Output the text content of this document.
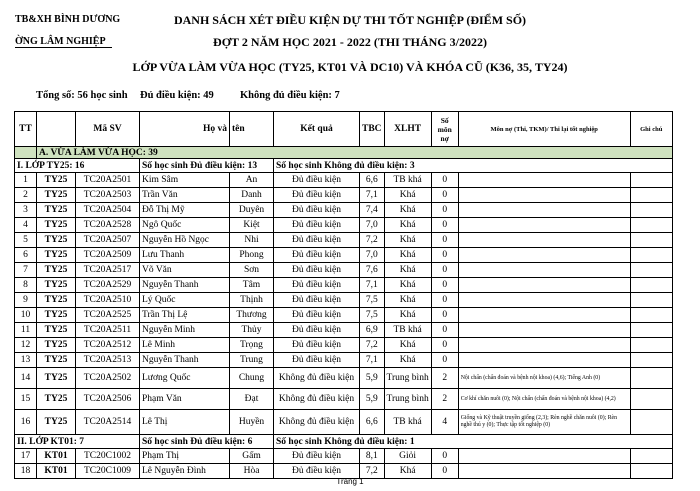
TB&XH BÌNH DƯƠNG
ỜNG LÂM NGHIỆP
DANH SÁCH XÉT ĐIỀU KIỆN DỰ THI TỐT NGHIỆP (ĐIỂM SỐ)
ĐỢT 2 NĂM HỌC 2021 - 2022 (THI THÁNG 3/2022)
LỚP VỪA LÀM VỪA HỌC (TY25, KT01 VÀ DC10) VÀ KHÓA CŨ (K36, 35, TY24)
Tổng số: 56 học sinh Đủ điều kiện: 49 Không đủ điều kiện: 7
TT		Mã SV	Họ và	tên	Kết quả	TBC	XLHT	Số môn nợ	Môn nợ (Thi, TKM)/ Thi lại tốt nghiệp	Ghi chú
	A. VỪA LÀM VỪA HỌC: 39									
I. LỚP TY25: 16			Số học sinh Đủ điều kiện: 13		Số học sinh Không đủ điều kiện: 3					
1	TY25	TC20A2501	Kim Sâm	An	Đủ điều kiện	6,6	TB khá	0		
2	TY25	TC20A2503	Trần Văn	Danh	Đủ điều kiện	7,1	Khá	0		
3	TY25	TC20A2504	Đỗ Thị Mỹ	Duyên	Đủ điều kiện	7,4	Khá	0		
4	TY25	TC20A2528	Ngô Quốc	Kiệt	Đủ điều kiện	7,0	Khá	0		
5	TY25	TC20A2507	Nguyễn Hồ Ngọc	Nhi	Đủ điều kiện	7,2	Khá	0		
6	TY25	TC20A2509	Lưu Thanh	Phong	Đủ điều kiện	7,0	Khá	0		
7	TY25	TC20A2517	Võ Văn	Sơn	Đủ điều kiện	7,6	Khá	0		
8	TY25	TC20A2529	Nguyễn Thanh	Tâm	Đủ điều kiện	7,1	Khá	0		
9	TY25	TC20A2510	Lý Quốc	Thịnh	Đủ điều kiện	7,5	Khá	0		
10	TY25	TC20A2525	Trần Thị Lệ	Thương	Đủ điều kiện	7,5	Khá	0		
11	TY25	TC20A2511	Nguyễn Minh	Thủy	Đủ điều kiện	6,9	TB khá	0		
12	TY25	TC20A2512	Lê Minh	Trọng	Đủ điều kiện	7,2	Khá	0		
13	TY25	TC20A2513	Nguyễn Thanh	Trung	Đủ điều kiện	7,1	Khá	0		
14	TY25	TC20A2502	Lương Quốc	Chung	Không đủ điều kiện	5,9	Trung bình	2	Nội chẩn (chẩn đoán và bệnh nội khoa) (4,6); Tiếng Anh (0)	
15	TY25	TC20A2506	Phạm Văn	Đạt	Không đủ điều kiện	5,9	Trung bình	2	Cơ khí chăn nuôi (0); Nội chẩn (chẩn đoán và bệnh nội khoa) (4,2)	
16	TY25	TC20A2514	Lê Thị	Huyền	Không đủ điều kiện	6,6	TB khá	4	Giống và Kỹ thuật truyền giống (2,3); Rèn nghề chăn nuôi (0); Rèn nghề thú y (0); Thực tập tốt nghiệp (0)	
II. LỚP KT01: 7			Số học sinh Đủ điều kiện: 6		Số học sinh Không đủ điều kiện: 1					
17	KT01	TC20C1002	Phạm Thị	Gấm	Đủ điều kiện	8,1	Giỏi	0		
18	KT01	TC20C1009	Lê Nguyễn Đình	Hòa	Đủ điều kiện	7,2	Khá	0		
Trang 1
